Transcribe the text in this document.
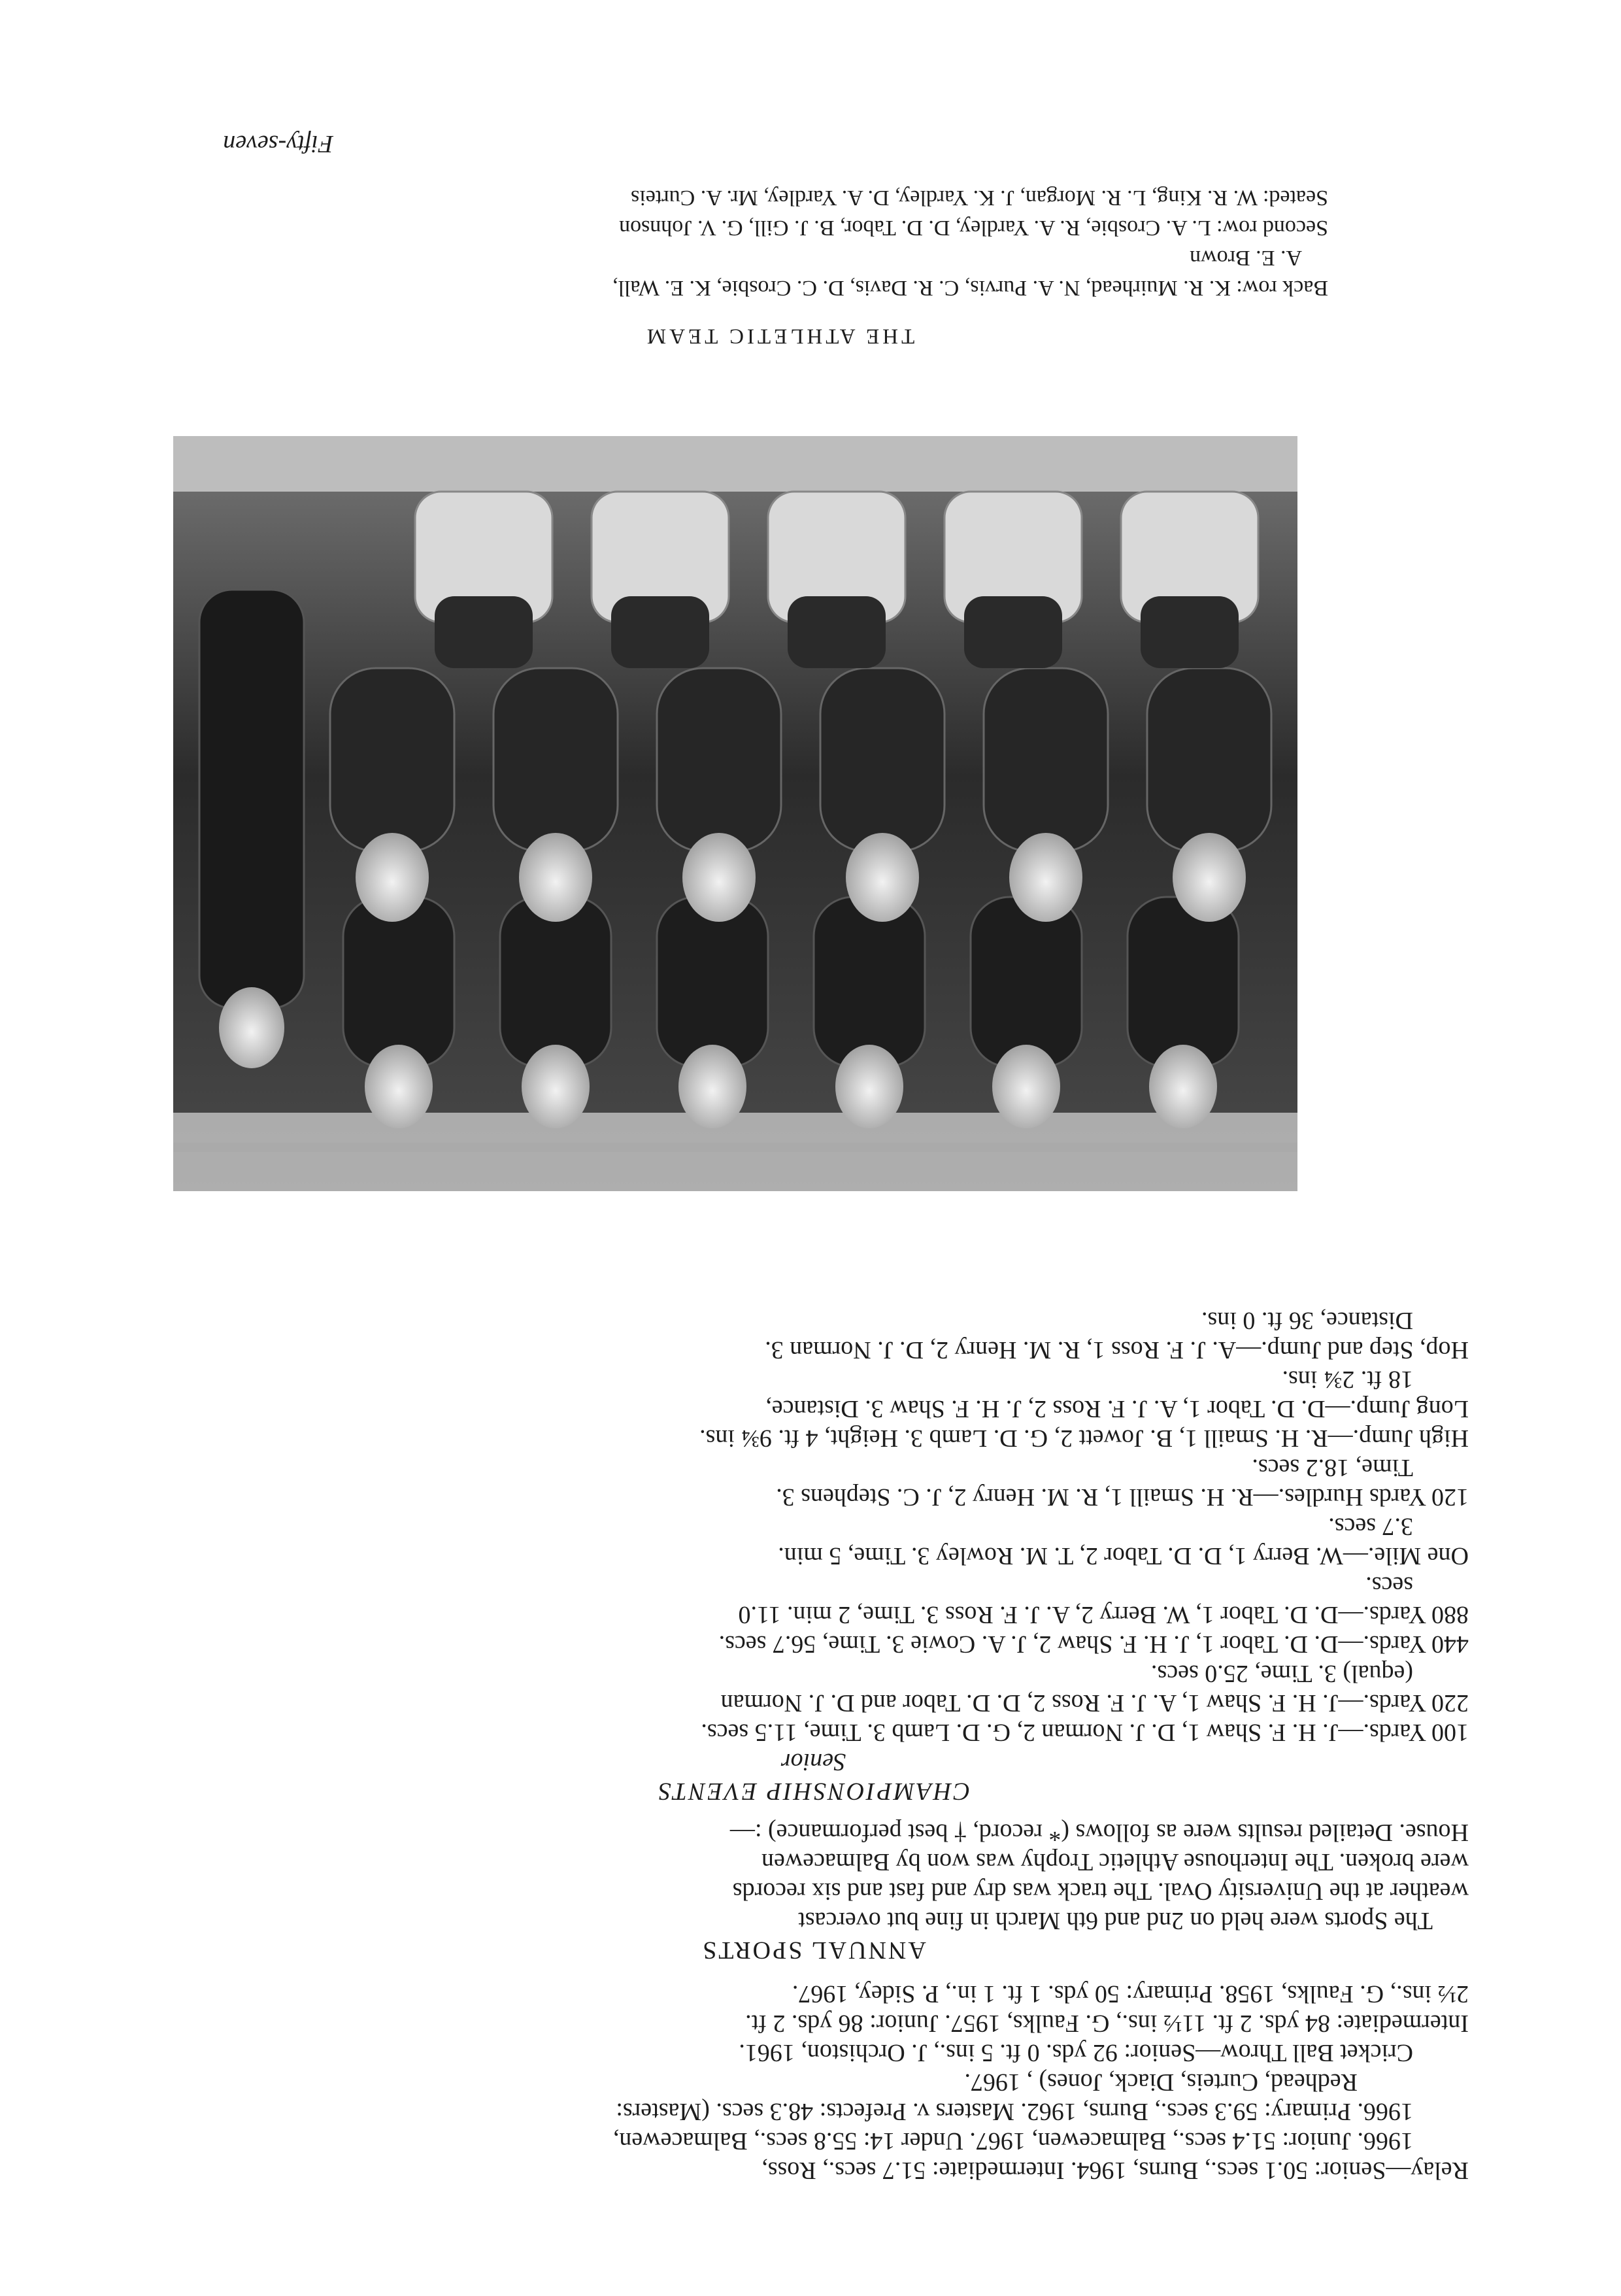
Relay—Senior: 50.1 secs., Burns, 1964. Intermediate: 51.7 secs., Ross,
1966. Junior: 51.4 secs., Balmacewen, 1967. Under 14: 55.8 secs., Balmacewen,
1966. Primary: 59.3 secs., Burns, 1962. Masters v. Prefects: 48.3 secs. (Masters:
Redhead, Curteis, Diack, Jones) , 1967.

Cricket Ball Throw—Senior: 92 yds. 0 ft. 5 ins., J. Orchiston, 1961.

Intermediate: 84 yds. 2 ft. 11½ ins., G. Faulks, 1957. Junior: 86 yds. 2 ft.
2½ ins., G. Faulks, 1958. Primary: 50 yds. 1 ft. 1 in., P. Sidey, 1967.

ANNUAL SPORTS

The Sports were held on 2nd and 6th March in fine but overcast
weather at the University Oval. The track was dry and fast and six records
were broken. The Interhouse Athletic Trophy was won by Balmacewen
House. Detailed results were as follows (* record, † best performance) :—

CHAMPIONSHIP EVENTS

Senior

100 Yards.—J. H. F. Shaw 1, D. J. Norman 2, G. D. Lamb 3. Time, 11.5 secs.

220 Yards.—J. H. F. Shaw 1, A. J. F. Ross 2, D. D. Tabor and D. J. Norman

(equal) 3. Time, 25.0 secs.

440 Yards.—D. D. Tabor 1, J. H. F. Shaw 2, J. A. Cowie 3. Time, 56.7 secs.

880 Yards.—D. D. Tabor 1, W. Berry 2, A. J. F. Ross 3. Time, 2 min. 11.0

secs.

One Mile.—W. Berry 1, D. D. Tabor 2, T. M. Rowley 3. Time, 5 min.

3.7 secs.

120 Yards Hurdles.—R. H. Smaill 1, R. M. Henry 2, J. C. Stephens 3.

Time, 18.2 secs.

High Jump.—R. H. Smaill 1, B. Jowett 2, G. D. Lamb 3. Height, 4 ft. 9¾ ins.

Long Jump.—D. D. Tabor 1, A. J. F. Ross 2, J. H. F. Shaw 3. Distance,

18 ft. 2¾ ins.

Hop, Step and Jump.—A. J. F. Ross 1, R. M. Henry 2, D. J. Norman 3.

Distance, 36 ft. 0 ins.

THE ATHLETIC TEAM

Back row: K. R. Muirhead, N. A. Purvis, C. R. Davis, D. C. Crosbie, K. E. Wall,

A. E. Brown

Second row: L. A. Crosbie, R. A. Yardley, D. D. Tabor, B. J. Gill, G. V. Johnson

Seated: W. R. King, L. R. Morgan, J. K. Yardley, D. A. Yardley, Mr. A. Curteis

Fifty-seven
